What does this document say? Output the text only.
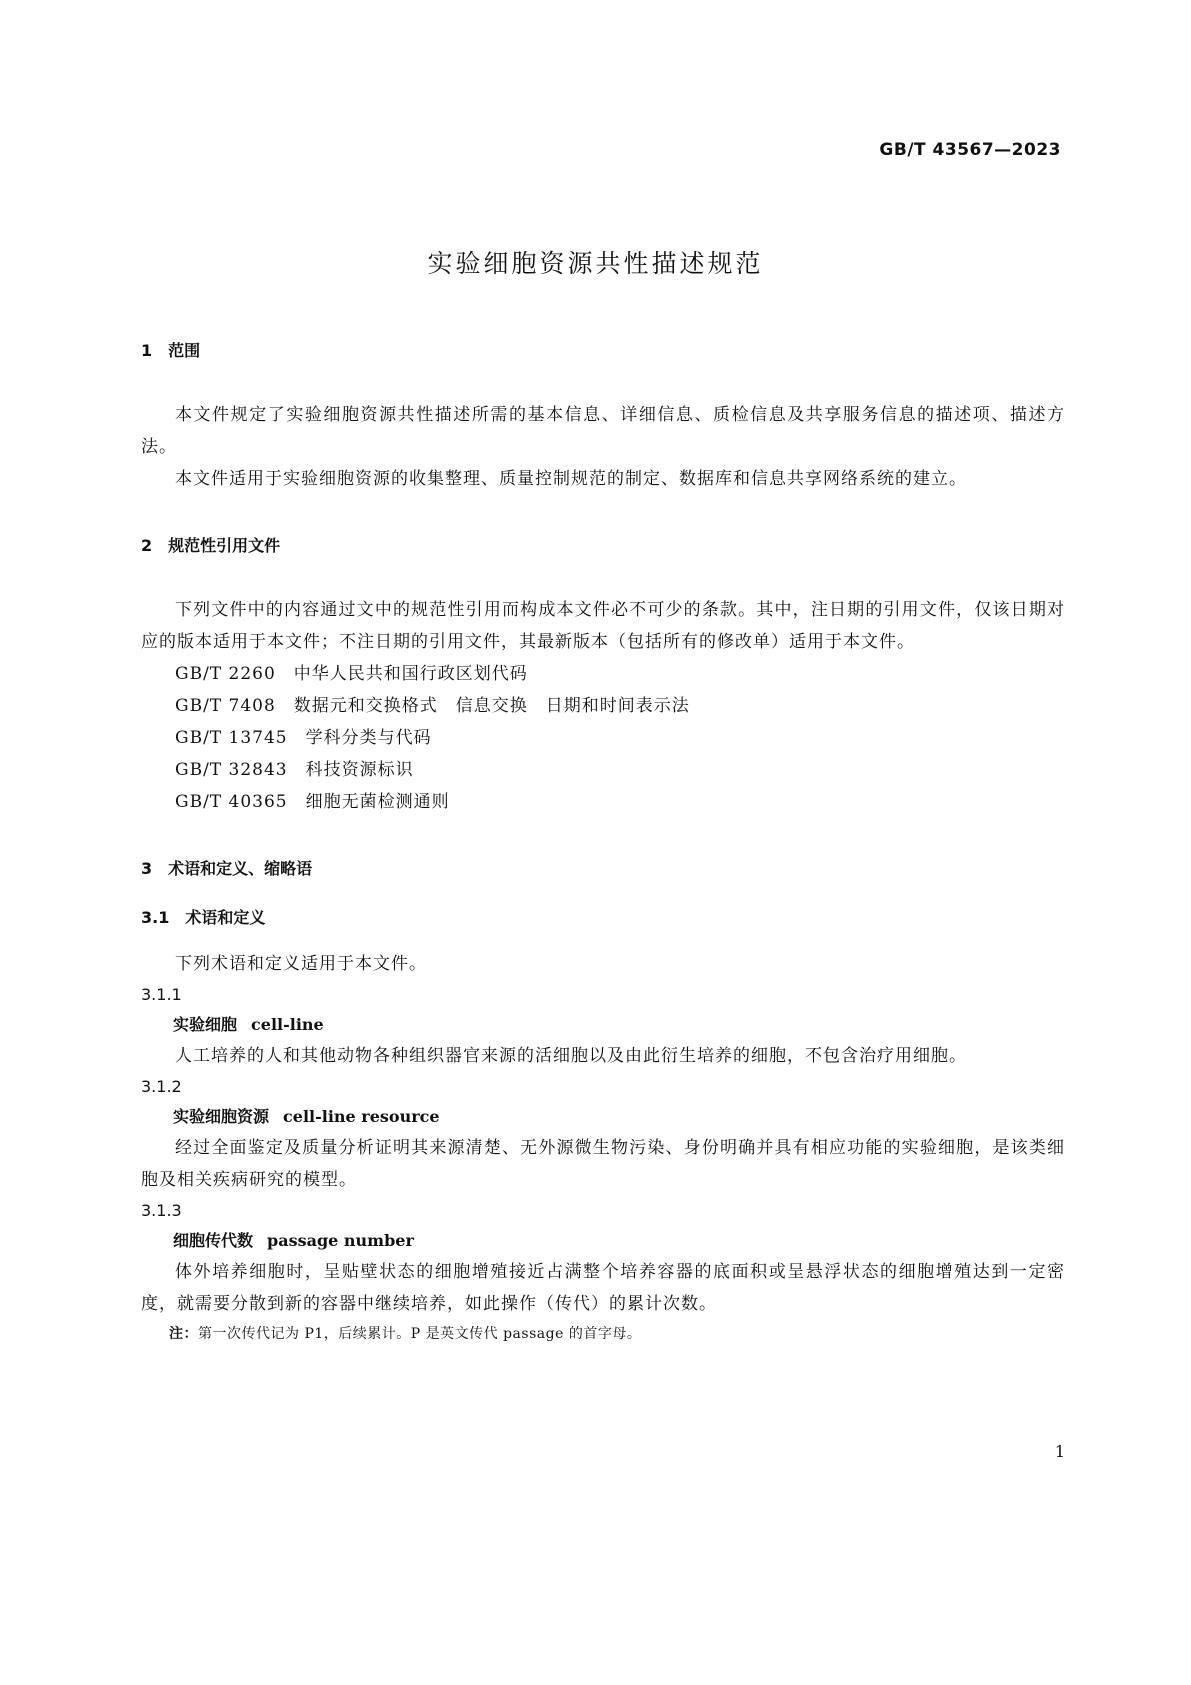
GB/T 43567—2023
实验细胞资源共性描述规范
1　范围

本文件规定了实验细胞资源共性描述所需的基本信息、详细信息、质检信息及共享服务信息的描述项、描述方法。

本文件适用于实验细胞资源的收集整理、质量控制规范的制定、数据库和信息共享网络系统的建立。

2　规范性引用文件

下列文件中的内容通过文中的规范性引用而构成本文件必不可少的条款。其中，注日期的引用文件，仅该日期对应的版本适用于本文件；不注日期的引用文件，其最新版本（包括所有的修改单）适用于本文件。

GB/T 2260　中华人民共和国行政区划代码
GB/T 7408　数据元和交换格式　信息交换　日期和时间表示法
GB/T 13745　学科分类与代码
GB/T 32843　科技资源标识
GB/T 40365　细胞无菌检测通则
3　术语和定义、缩略语
3.1　术语和定义

下列术语和定义适用于本文件。

3.1.1
实验细胞 cell-line

人工培养的人和其他动物各种组织器官来源的活细胞以及由此衍生培养的细胞，不包含治疗用细胞。

3.1.2
实验细胞资源 cell-line resource

经过全面鉴定及质量分析证明其来源清楚、无外源微生物污染、身份明确并具有相应功能的实验细胞，是该类细胞及相关疾病研究的模型。

3.1.3
细胞传代数 passage number

体外培养细胞时，呈贴壁状态的细胞增殖接近占满整个培养容器的底面积或呈悬浮状态的细胞增殖达到一定密度，就需要分散到新的容器中继续培养，如此操作（传代）的累计次数。

注：第一次传代记为 P1，后续累计。P 是英文传代 passage 的首字母。
1
